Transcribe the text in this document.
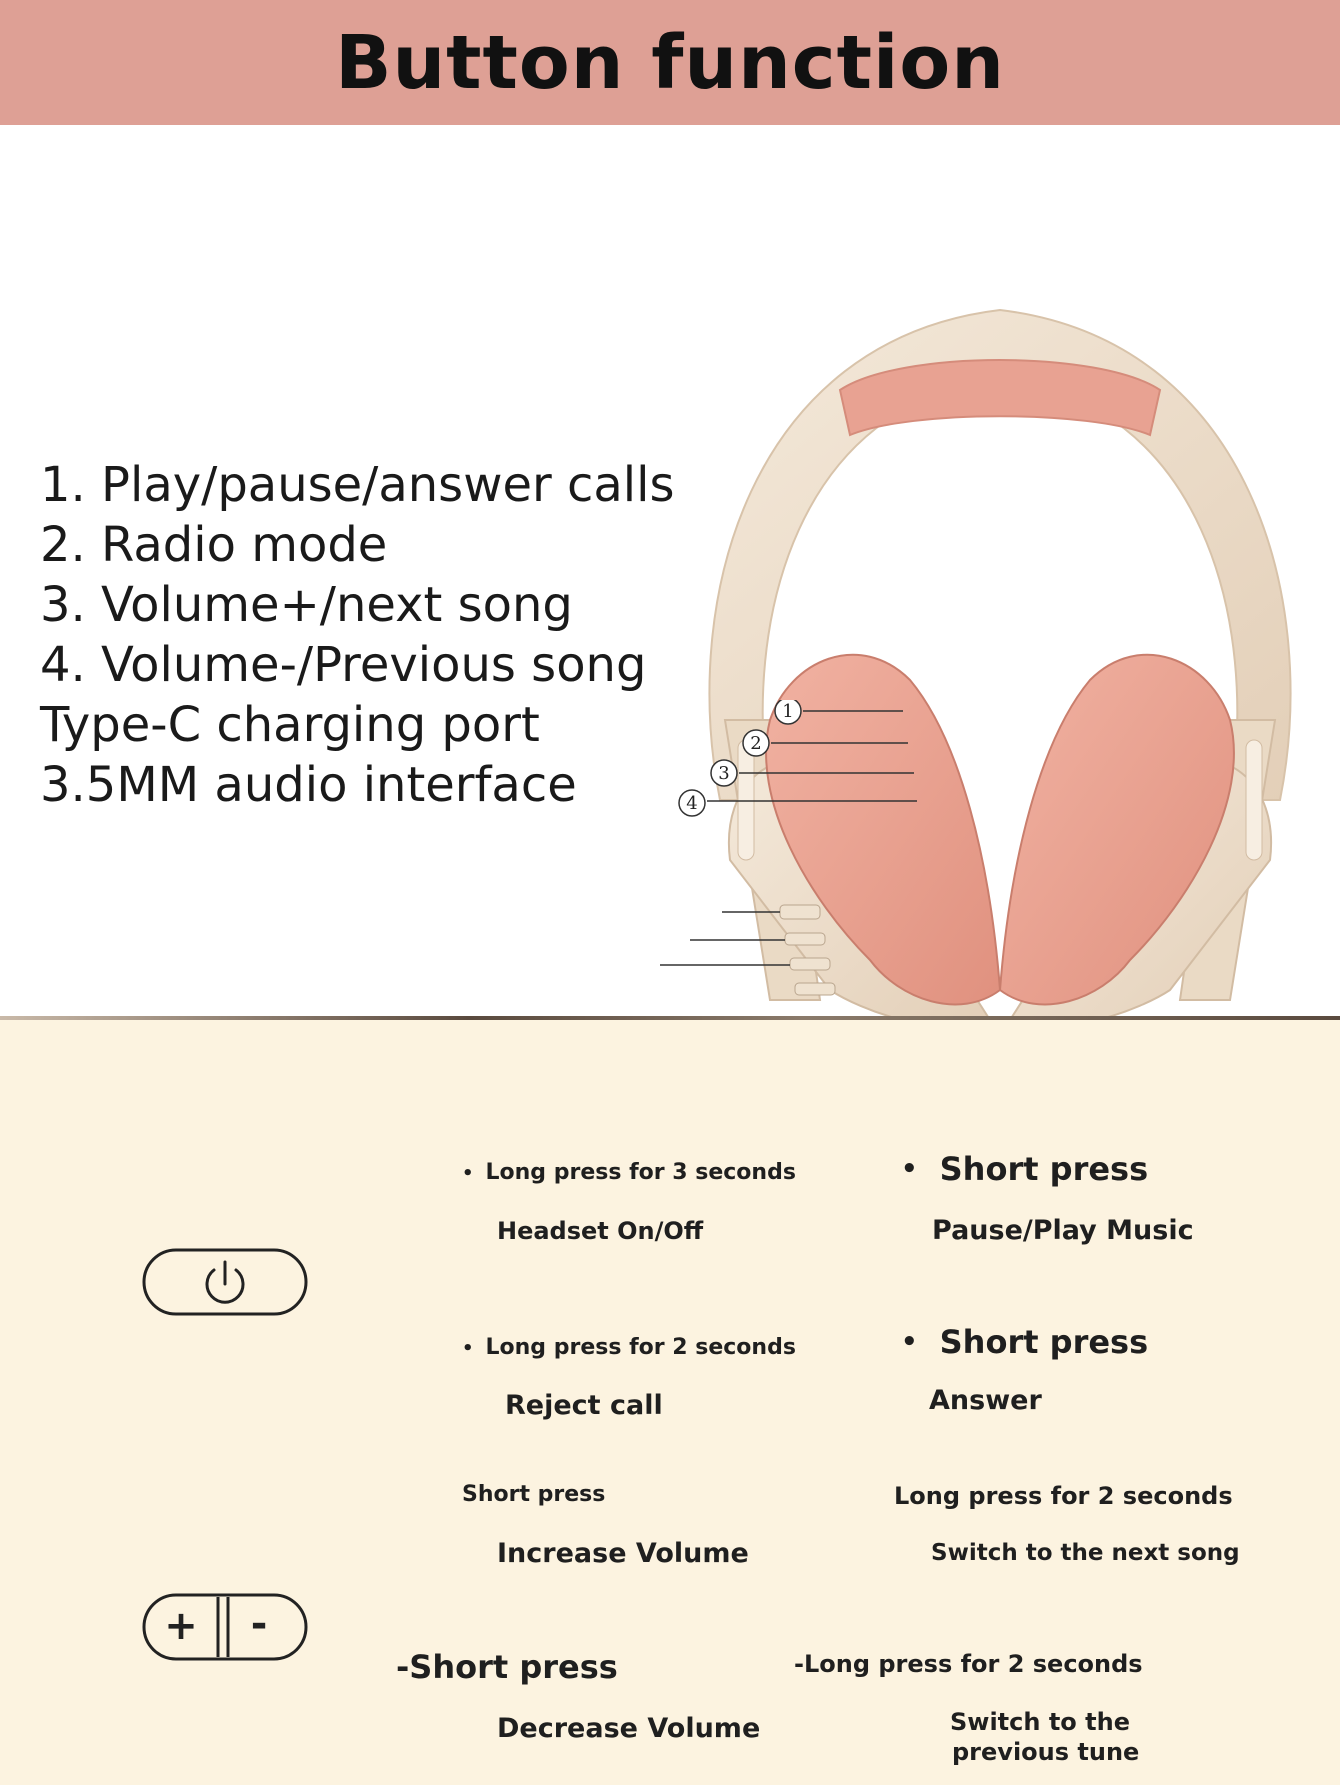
Button function
1. Play/pause/answer calls
2. Radio mode
3. Volume+/next song
4. Volume-/Previous song
Type-C charging port
3.5MM audio interface
1
2
3
4
• Long press for 3 seconds
Headset On/Off
• Short press
Pause/Play Music
• Long press for 2 seconds
Reject call
• Short press
Answer
+ -
Short press
Increase Volume
Long press for 2 seconds
Switch to the next song
-Short press
Decrease Volume
-Long press for 2 seconds
Switch to the
previous tune
